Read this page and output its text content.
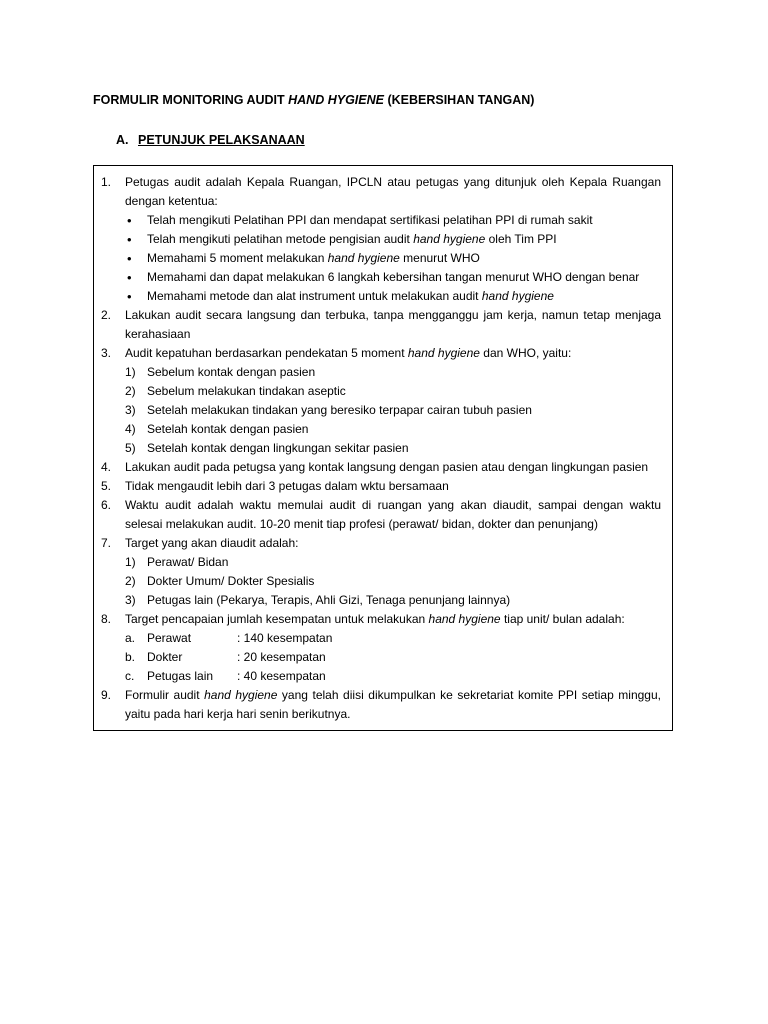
FORMULIR MONITORING AUDIT HAND HYGIENE (KEBERSIHAN TANGAN)
A. PETUNJUK PELAKSANAAN
1. Petugas audit adalah Kepala Ruangan, IPCLN atau petugas yang ditunjuk oleh Kepala Ruangan dengan ketentua:
• Telah mengikuti Pelatihan PPI dan mendapat sertifikasi pelatihan PPI di rumah sakit
• Telah mengikuti pelatihan metode pengisian audit hand hygiene oleh Tim PPI
• Memahami 5 moment melakukan hand hygiene menurut WHO
• Memahami dan dapat melakukan 6 langkah kebersihan tangan menurut WHO dengan benar
• Memahami metode dan alat instrument untuk melakukan audit hand hygiene
2. Lakukan audit secara langsung dan terbuka, tanpa mengganggu jam kerja, namun tetap menjaga kerahasiaan
3. Audit kepatuhan berdasarkan pendekatan 5 moment hand hygiene dan WHO, yaitu:
1) Sebelum kontak dengan pasien
2) Sebelum melakukan tindakan aseptic
3) Setelah melakukan tindakan yang beresiko terpapar cairan tubuh pasien
4) Setelah kontak dengan pasien
5) Setelah kontak dengan lingkungan sekitar pasien
4. Lakukan audit pada petugsa yang kontak langsung dengan pasien atau dengan lingkungan pasien
5. Tidak mengaudit lebih dari 3 petugas dalam wktu bersamaan
6. Waktu audit adalah waktu memulai audit di ruangan yang akan diaudit, sampai dengan waktu selesai melakukan audit. 10-20 menit tiap profesi (perawat/ bidan, dokter dan penunjang)
7. Target yang akan diaudit adalah:
1) Perawat/ Bidan
2) Dokter Umum/ Dokter Spesialis
3) Petugas lain (Pekarya, Terapis, Ahli Gizi, Tenaga penunjang lainnya)
8. Target pencapaian jumlah kesempatan untuk melakukan hand hygiene tiap unit/ bulan adalah:
a. Perawat	: 140 kesempatan
b. Dokter	: 20 kesempatan
c. Petugas lain : 40 kesempatan
9. Formulir audit hand hygiene yang telah diisi dikumpulkan ke sekretariat komite PPI setiap minggu, yaitu pada hari kerja hari senin berikutnya.
